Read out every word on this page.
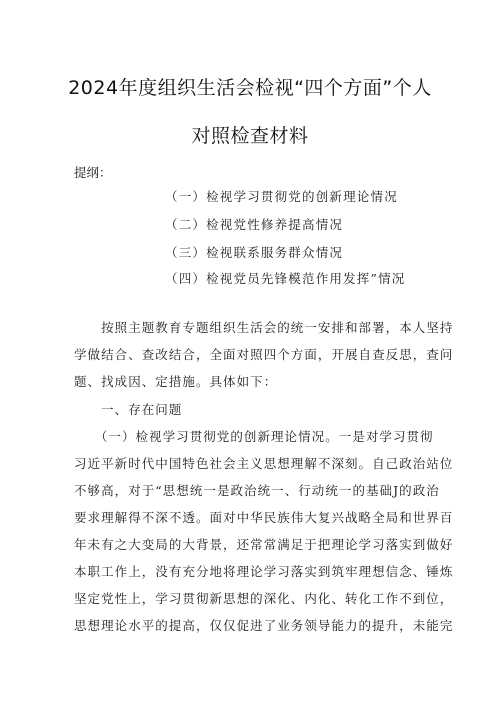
2024年度组织生活会检视“四个方面”个人
对照检查材料
提纲：
（一）检视学习贯彻党的创新理论情况
（二）检视党性修养提高情况
（三）检视联系服务群众情况
（四）检视党员先锋模范作用发挥”情况
　　按照主题教育专题组织生活会的统一安排和部署，本人坚持
学做结合、查改结合，全面对照四个方面，开展自查反思，查问
题、找成因、定措施。具体如下：
　　一、存在问题
　　（一）检视学习贯彻党的创新理论情况。一是对学习贯彻
习近平新时代中国特色社会主义思想理解不深刻。自己政治站位
不够高，对于“思想统一是政治统一、行动统一的基础J的政治
要求理解得不深不透。面对中华民族伟大复兴战略全局和世界百
年未有之大变局的大背景，还常常满足于把理论学习落实到做好
本职工作上，没有充分地将理论学习落实到筑牢理想信念、锤炼
坚定党性上，学习贯彻新思想的深化、内化、转化工作不到位，
思想理论水平的提高，仅仅促进了业务领导能力的提升，未能完
